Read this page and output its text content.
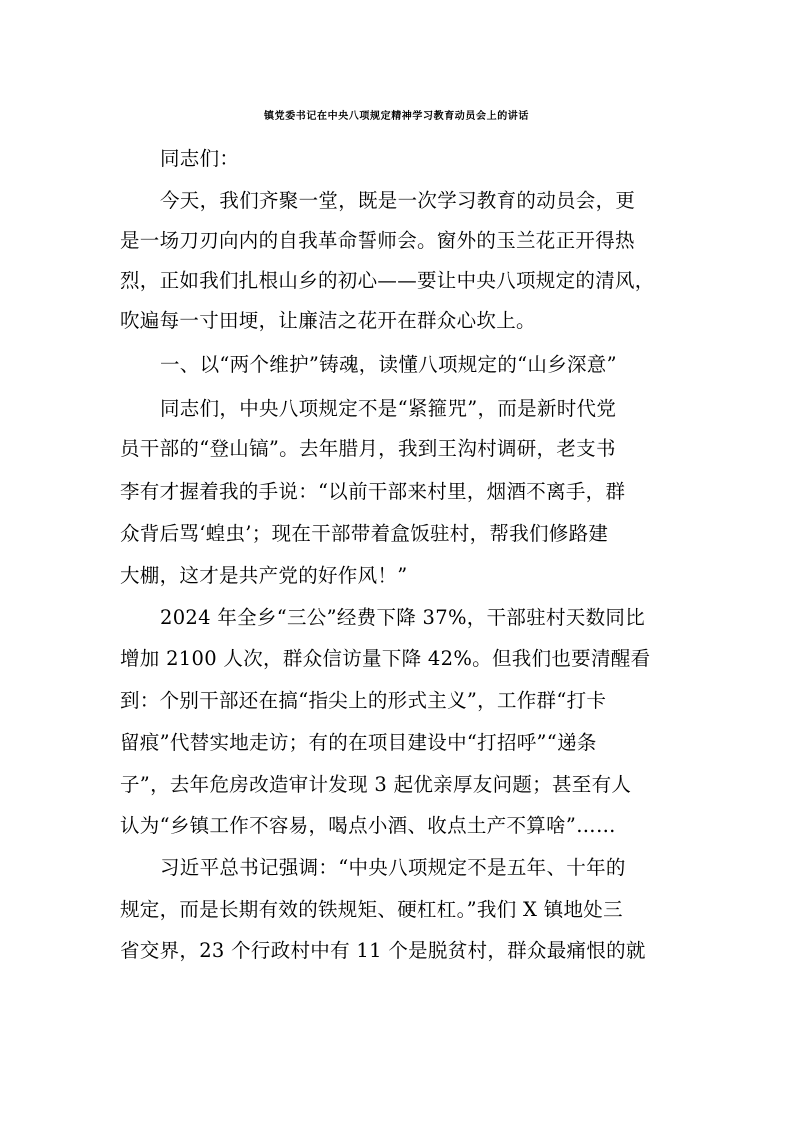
镇党委书记在中央八项规定精神学习教育动员会上的讲话
同志们：
今天，我们齐聚一堂，既是一次学习教育的动员会，更
是一场刀刃向内的自我革命誓师会。窗外的玉兰花正开得热
烈，正如我们扎根山乡的初心——要让中央八项规定的清风，
吹遍每一寸田埂，让廉洁之花开在群众心坎上。
一、以“两个维护”铸魂，读懂八项规定的“山乡深意”
同志们，中央八项规定不是“紧箍咒”，而是新时代党
员干部的“登山镐”。去年腊月，我到王沟村调研，老支书
李有才握着我的手说：“以前干部来村里，烟酒不离手，群
众背后骂‘蝗虫’；现在干部带着盒饭驻村，帮我们修路建
大棚，这才是共产党的好作风！”
2024 年全乡“三公”经费下降 37%，干部驻村天数同比
增加 2100 人次，群众信访量下降 42%。但我们也要清醒看
到：个别干部还在搞“指尖上的形式主义”，工作群“打卡
留痕”代替实地走访；有的在项目建设中“打招呼”“递条
子”，去年危房改造审计发现 3 起优亲厚友问题；甚至有人
认为“乡镇工作不容易，喝点小酒、收点土产不算啥”……
习近平总书记强调：“中央八项规定不是五年、十年的
规定，而是长期有效的铁规矩、硬杠杠。”我们 X 镇地处三
省交界，23 个行政村中有 11 个是脱贫村，群众最痛恨的就
